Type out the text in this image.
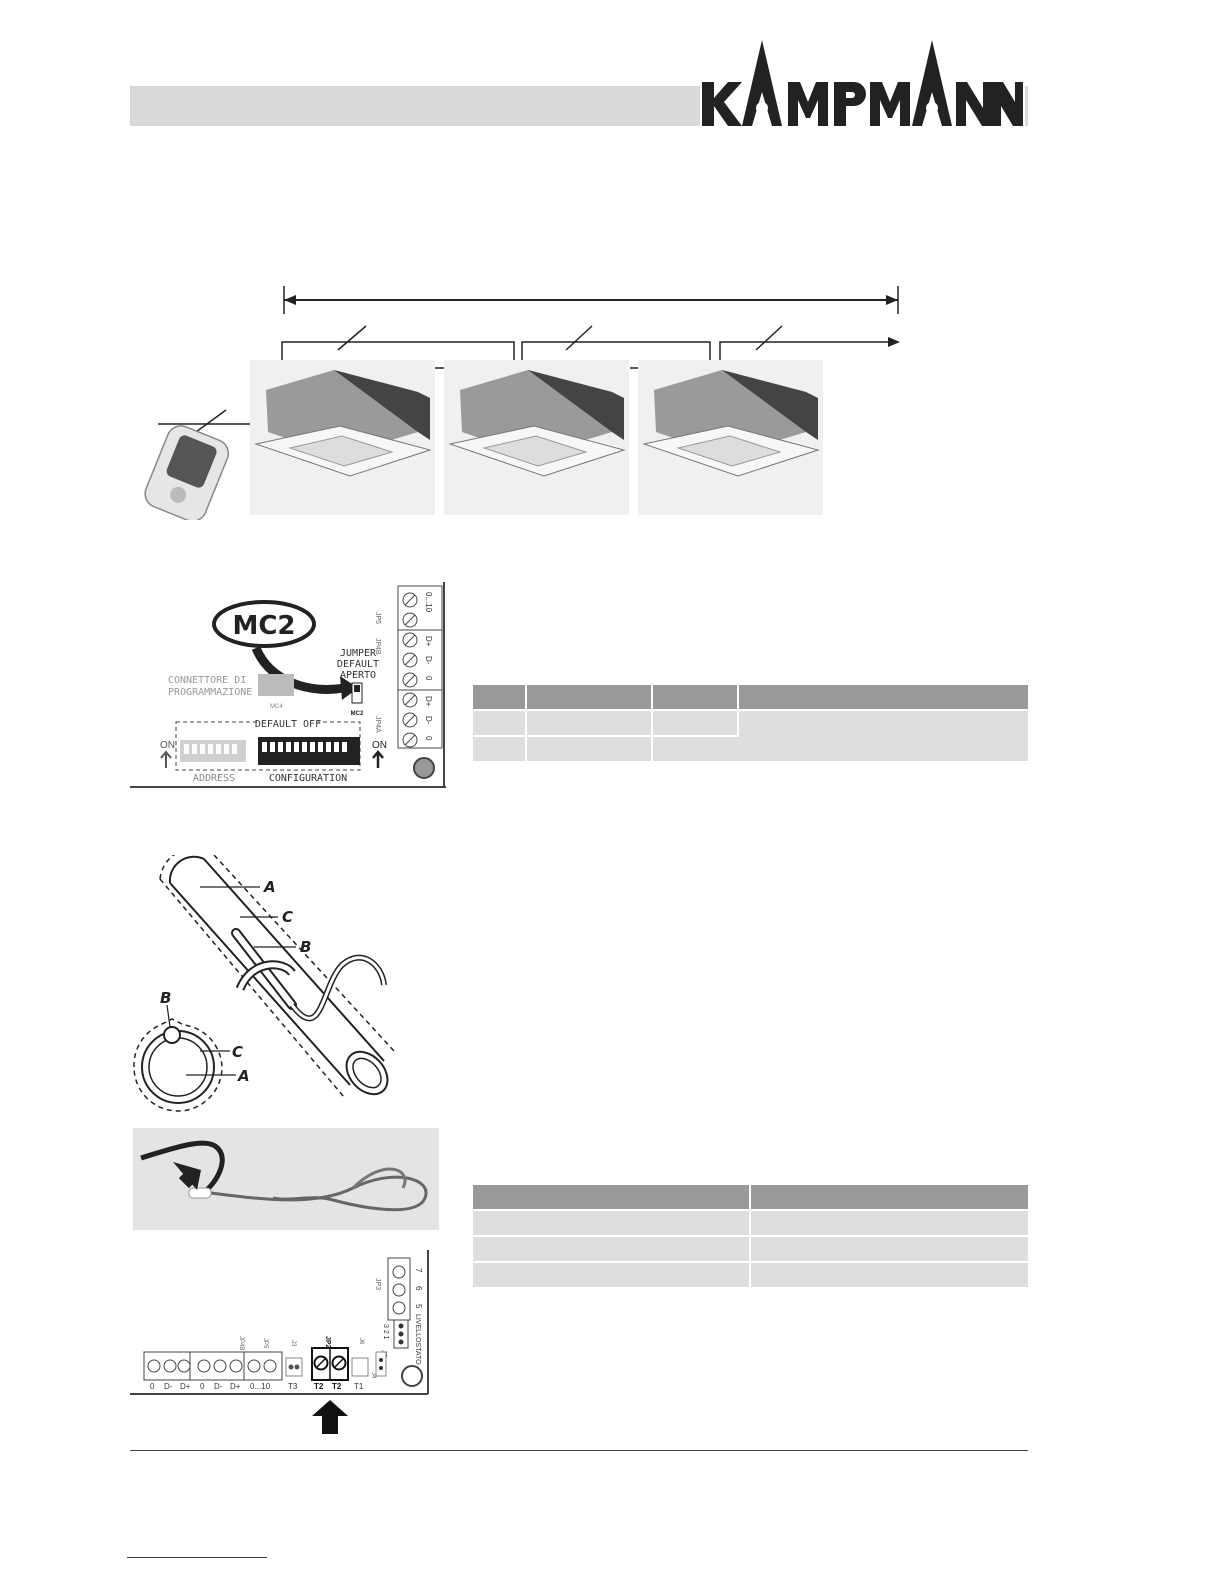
MC2
JUMPER
DEFAULT
APERTO
MC2
CONNETTORE DI
PROGRAMMAZIONE
MC4
DEFAULT OFF
ON	ON
ADDRESS	CONFIGURATION
JP5
JP4B
JP4A
0...10
D+
D-
0
D+
D-
0

A
C
B
B
C
A

JP3
7
6
5
LIVELLOSTATO
3 2 1
0 D- D+ 0 D- D+ 0...10
JP4B	JP5	J3	JP2	J6
T3 T2 T2 T1
J4
